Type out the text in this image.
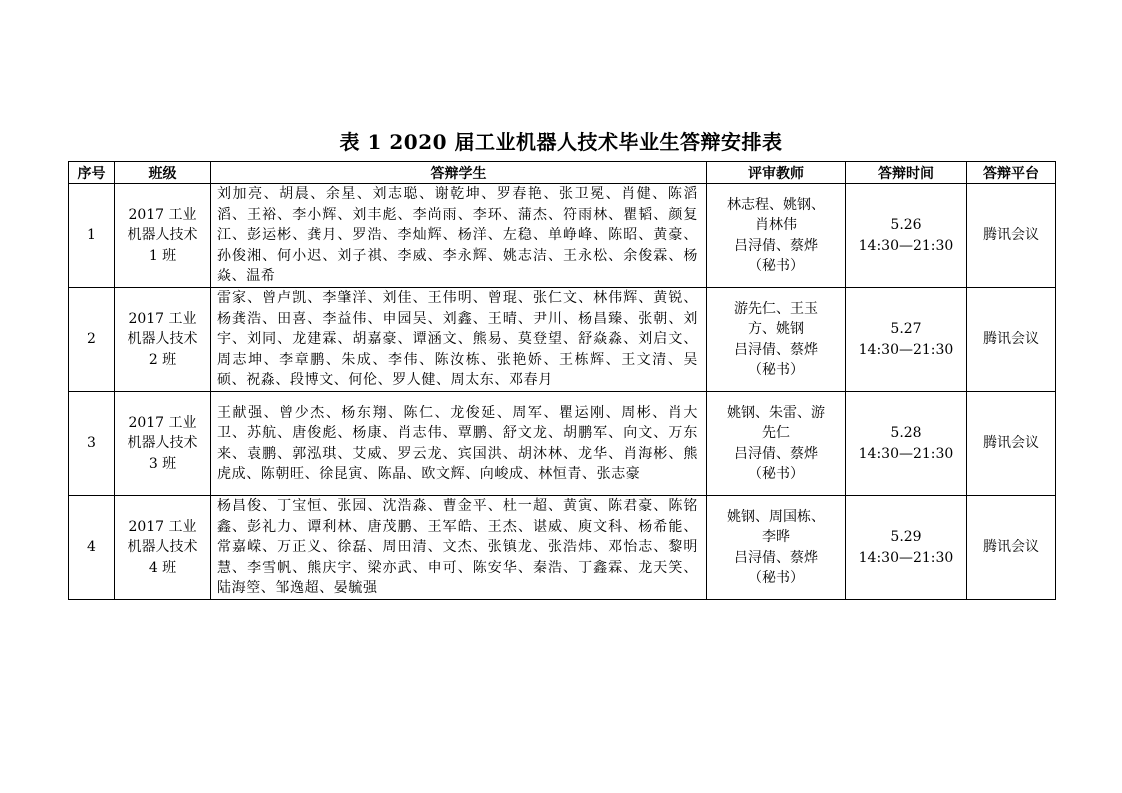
表 1 2020 届工业机器人技术毕业生答辩安排表
序号	班级	答辩学生	评审教师	答辩时间	答辩平台
1	2017 工业
机器人技术
1 班	刘加亮、胡晨、余星、刘志聪、谢乾坤、罗春艳、张卫冕、肖健、陈滔滔、王裕、李小辉、刘丰彪、李尚雨、李环、蒲杰、符雨林、瞿韬、颜复江、彭运彬、龚月、罗浩、李灿辉、杨洋、左稳、单峥峰、陈昭、黄豪、孙俊湘、何小迟、刘子祺、李威、李永辉、姚志洁、王永松、余俊霖、杨焱、温希	林志程、姚钢、
肖林伟
吕浔倩、蔡烨
（秘书）	5.26
14:30—21:30	腾讯会议
2	2017 工业
机器人技术
2 班	雷家、曾卢凯、李肇洋、刘佳、王伟明、曾琨、张仁文、林伟辉、黄锐、杨龚浩、田喜、李益伟、申园吴、刘鑫、王晴、尹川、杨昌臻、张朝、刘宇、刘同、龙建霖、胡嘉豪、谭涵文、熊易、莫登望、舒焱淼、刘启文、周志坤、李章鹏、朱成、李伟、陈汝栋、张艳娇、王栋辉、王文清、吴硕、祝淼、段博文、何伦、罗人健、周太东、邓春月	游先仁、王玉
方、姚钢
吕浔倩、蔡烨
（秘书）	5.27
14:30—21:30	腾讯会议
3	2017 工业
机器人技术
3 班	王献强、曾少杰、杨东翔、陈仁、龙俊延、周军、瞿运刚、周彬、肖大卫、苏航、唐俊彪、杨康、肖志伟、覃鹏、舒文龙、胡鹏军、向文、万东来、袁鹏、郭泓琪、艾威、罗云龙、宾国洪、胡沐林、龙华、肖海彬、熊虎成、陈朝旺、徐昆寅、陈晶、欧文辉、向峻成、林恒青、张志豪	姚钢、朱雷、游
先仁
吕浔倩、蔡烨
（秘书）	5.28
14:30—21:30	腾讯会议
4	2017 工业
机器人技术
4 班	杨昌俊、丁宝恒、张园、沈浩淼、曹金平、杜一超、黄寅、陈君豪、陈铭鑫、彭礼力、谭利林、唐茂鹏、王军皓、王杰、谌威、庾文科、杨希能、常嘉嵘、万正义、徐磊、周田清、文杰、张镇龙、张浩炜、邓怡志、黎明慧、李雪帆、熊庆宇、梁亦武、申可、陈安华、秦浩、丁鑫霖、龙天笑、陆海箜、邹逸超、晏毓强	姚钢、周国栋、
李晔
吕浔倩、蔡烨
（秘书）	5.29
14:30—21:30	腾讯会议
